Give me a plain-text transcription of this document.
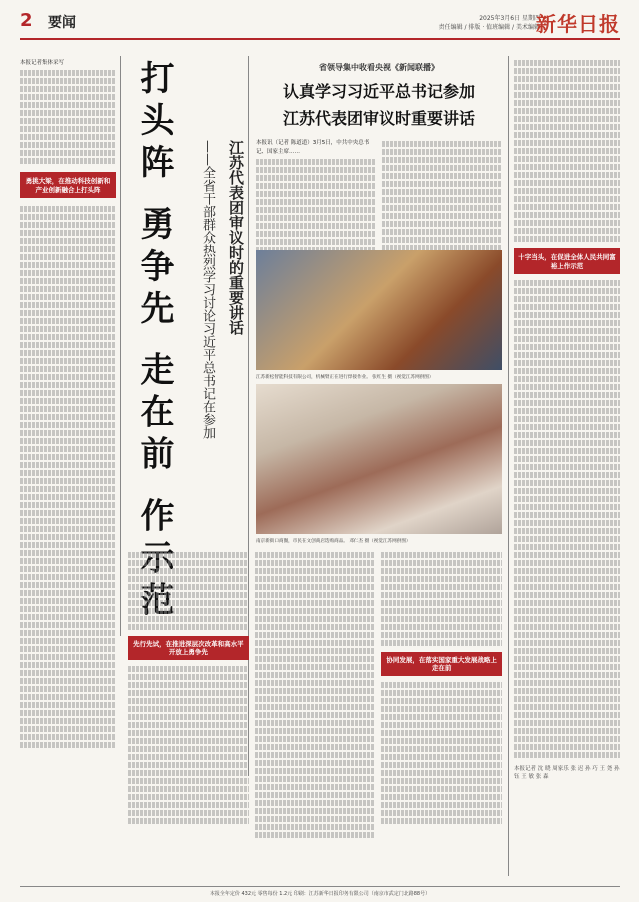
2 要闻	2025年3月6日 星期四
责任编辑 / 排版 · 值班编辑 / 美术编辑
新华日报
本报记者集体采写
勇挑大梁，在推动科技创新和产业创新融合上打头阵 打头阵 勇争先 走在前 作示范	江苏代表团审议时的重要讲话
——全省干部群众热烈学习讨论习近平总书记在参加
省领导集中收看央视《新闻联播》
认真学习习近平总书记参加
江苏代表团审议时重要讲话
本报讯（记者 陈道道）3月5日，中共中央总书记、国家主席……
江苏新松智能科技有限公司，机械臂正在进行焊接作业。 张红生 摄（视觉江苏网供图）
南京新街口商圈，市民在文创商店选购商品。 邓仁杰 摄（视觉江苏网供图）
先行先试，在推进深层次改革和高水平开放上勇争先
协同发展，在落实国家重大发展战略上走在前
十字当头，在促进全体人民共同富裕上作示范
本报记者 沈 晓 周家乐 张 迟 孙 巧 王 尧 孙 钰 王 敏 张 森
本报全年定价 432元 零售每份 1.2元 印刷：江苏新华日报印务有限公司（南京市武定门北路88号）
